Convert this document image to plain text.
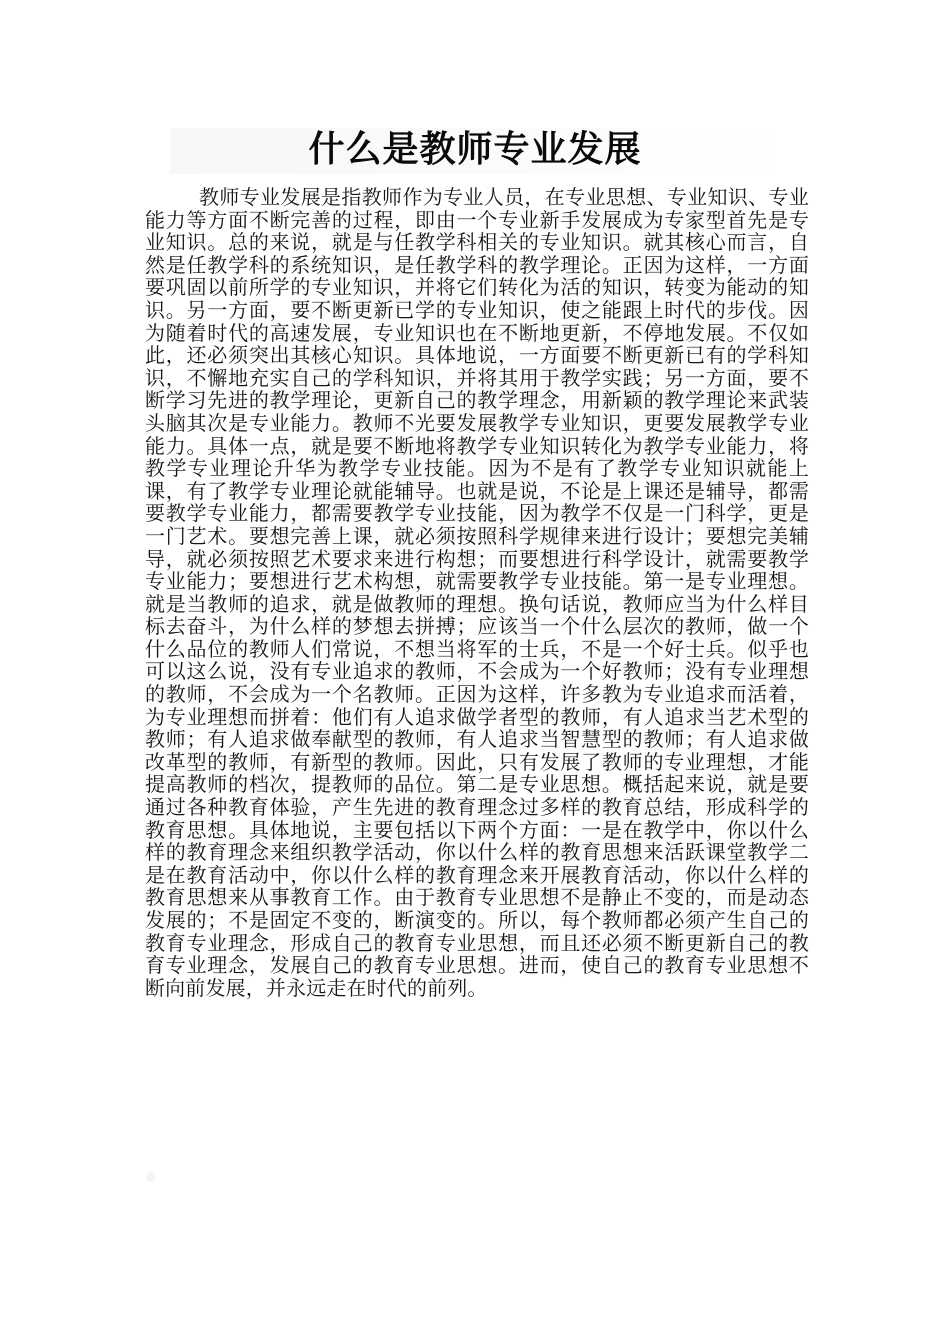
什么是教师专业发展

教师专业发展是指教师作为专业人员，在专业思想、专业知识、专业能力等方面不断完善的过程，即由一个专业新手发展成为专家型首先是专业知识。总的来说，就是与任教学科相关的专业知识。就其核心而言，自然是任教学科的系统知识，是任教学科的教学理论。正因为这样，一方面要巩固以前所学的专业知识，并将它们转化为活的知识，转变为能动的知识。另一方面，要不断更新已学的专业知识，使之能跟上时代的步伐。因为随着时代的高速发展，专业知识也在不断地更新，不停地发展。不仅如此，还必须突出其核心知识。具体地说，一方面要不断更新已有的学科知识，不懈地充实自己的学科知识，并将其用于教学实践；另一方面，要不断学习先进的教学理论，更新自己的教学理念，用新颖的教学理论来武装头脑其次是专业能力。教师不光要发展教学专业知识，更要发展教学专业能力。具体一点，就是要不断地将教学专业知识转化为教学专业能力，将教学专业理论升华为教学专业技能。因为不是有了教学专业知识就能上课，有了教学专业理论就能辅导。也就是说，不论是上课还是辅导，都需要教学专业能力，都需要教学专业技能，因为教学不仅是一门科学，更是一门艺术。要想完善上课，就必须按照科学规律来进行设计；要想完美辅导，就必须按照艺术要求来进行构想；而要想进行科学设计，就需要教学专业能力；要想进行艺术构想，就需要教学专业技能。第一是专业理想。就是当教师的追求，就是做教师的理想。换句话说，教师应当为什么样目标去奋斗，为什么样的梦想去拼搏；应该当一个什么层次的教师，做一个什么品位的教师人们常说，不想当将军的士兵，不是一个好士兵。似乎也可以这么说，没有专业追求的教师，不会成为一个好教师；没有专业理想的教师，不会成为一个名教师。正因为这样，许多教为专业追求而活着，为专业理想而拼着：他们有人追求做学者型的教师，有人追求当艺术型的教师；有人追求做奉献型的教师，有人追求当智慧型的教师；有人追求做改革型的教师，有新型的教师。因此，只有发展了教师的专业理想，才能提高教师的档次，提教师的品位。第二是专业思想。概括起来说，就是要通过各种教育体验，产生先进的教育理念过多样的教育总结，形成科学的教育思想。具体地说，主要包括以下两个方面：一是在教学中，你以什么样的教育理念来组织教学活动，你以什么样的教育思想来活跃课堂教学二是在教育活动中，你以什么样的教育理念来开展教育活动，你以什么样的教育思想来从事教育工作。由于教育专业思想不是静止不变的，而是动态发展的；不是固定不变的，断演变的。所以，每个教师都必须产生自己的教育专业理念，形成自己的教育专业思想，而且还必须不断更新自己的教育专业理念，发展自己的教育专业思想。进而，使自己的教育专业思想不断向前发展，并永远走在时代的前列。
